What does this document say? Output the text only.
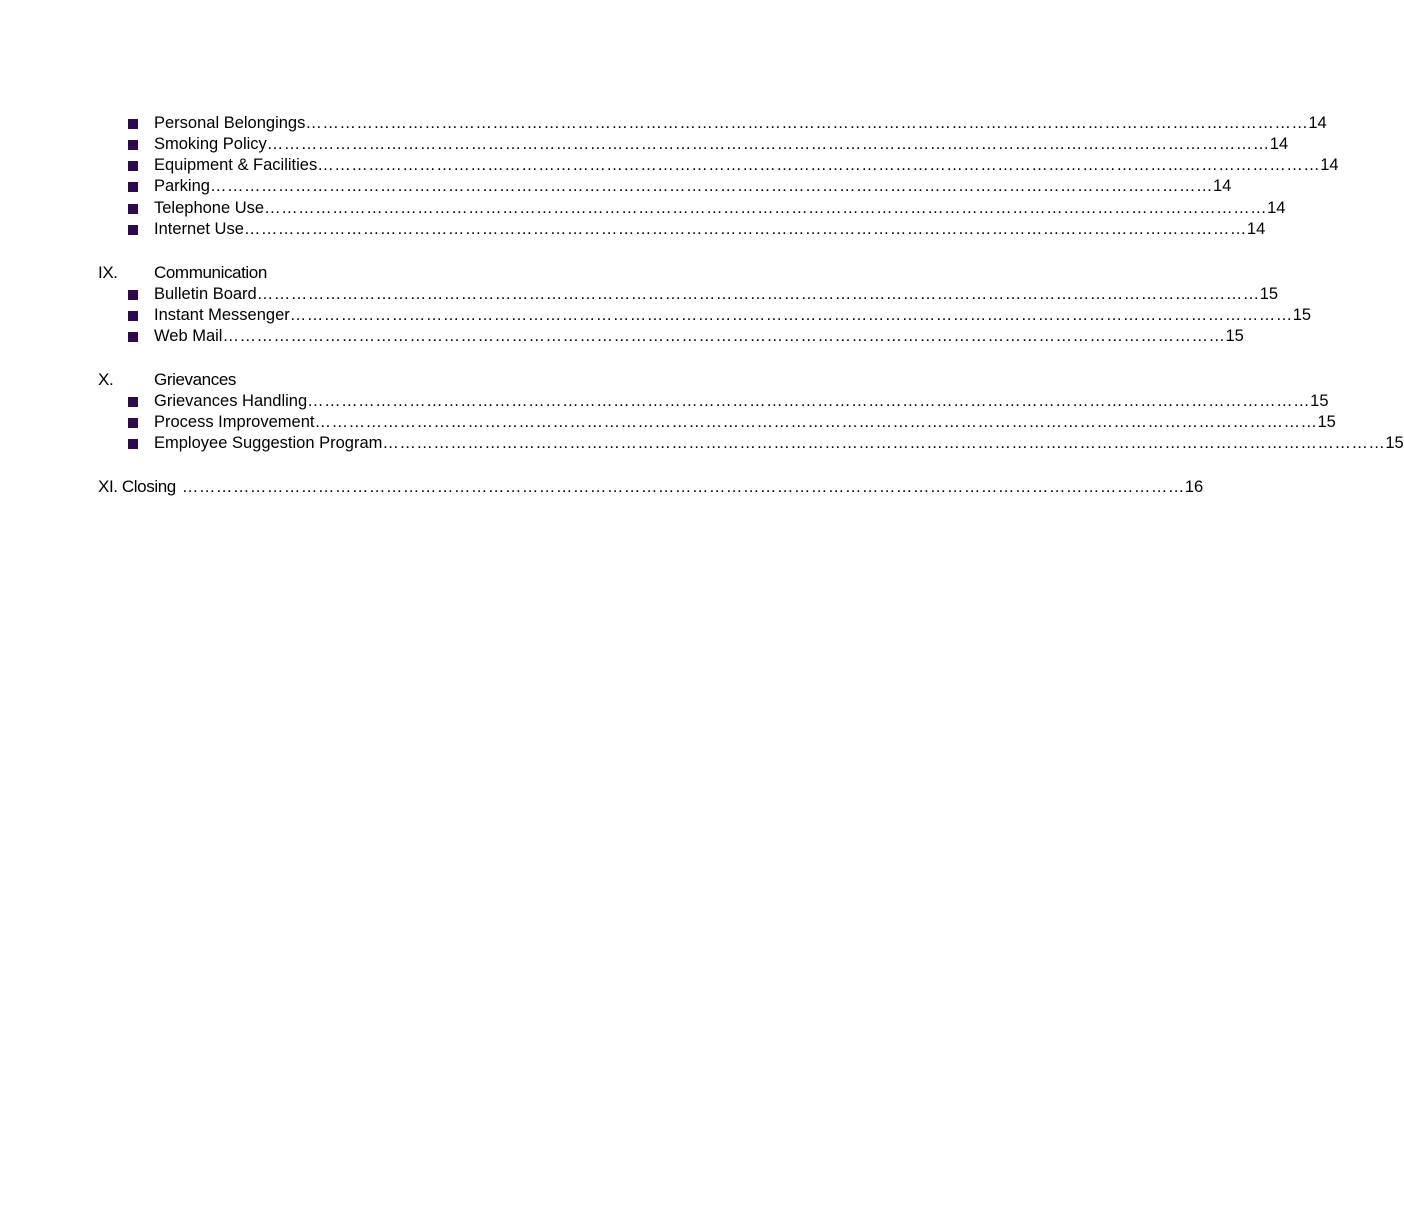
Personal Belongings …………………………………………………………………………………………………………………………………………………………… 14
Smoking Policy …………………………………………………………………………………………………………………………………………………………… 14
Equipment & Facilities …………………………………………………………………………………………………………………………………………………………… 14
Parking …………………………………………………………………………………………………………………………………………………………… 14
Telephone Use …………………………………………………………………………………………………………………………………………………………… 14
Internet Use …………………………………………………………………………………………………………………………………………………………… 14
IX. Communication
Bulletin Board …………………………………………………………………………………………………………………………………………………………… 15
Instant Messenger …………………………………………………………………………………………………………………………………………………………… 15
Web Mail …………………………………………………………………………………………………………………………………………………………… 15
X. Grievances
Grievances Handling …………………………………………………………………………………………………………………………………………………………… 15
Process Improvement …………………………………………………………………………………………………………………………………………………………… 15
Employee Suggestion Program …………………………………………………………………………………………………………………………………………………………… 15
XI. Closing …………………………………………………………………………………………………………………………………………………………… 16
